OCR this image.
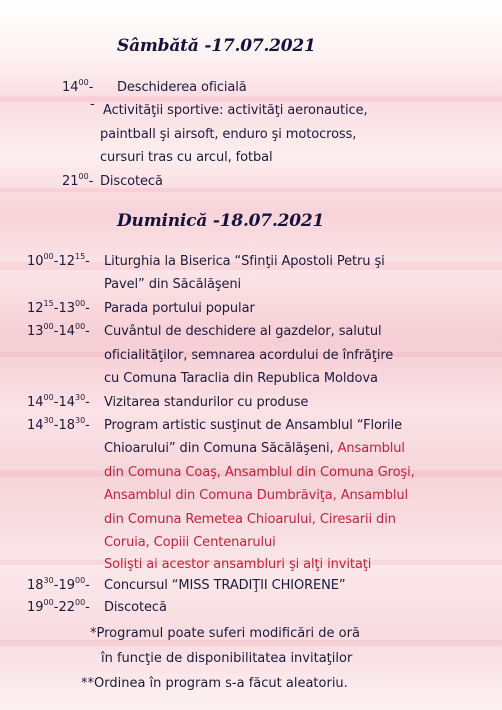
Sâmbătă -17.07.2021
$14^{00}-$ Deschiderea oficială
- Activităţii sportive: activităţi aeronautice,
paintball şi airsoft, enduro şi motocross,
cursuri tras cu arcul, fotbal
$21^{00}-$ Discotecă
Duminică -18.07.2021
$10^{00}-12^{15}-$ Liturghia la Biserica “Sfinţii Apostoli Petru şi
Pavel” din Săcălăşeni
$12^{15}-13^{00}-$ Parada portului popular
$13^{00}-14^{00}-$ Cuvântul de deschidere al gazdelor, salutul
oficialităţilor, semnarea acordului de înfrăţire
cu Comuna Taraclia din Republica Moldova
$14^{00}-14^{30}-$ Vizitarea standurilor cu produse
$14^{30}-18^{30}-$ Program artistic susţinut de Ansamblul “Florile
Chioarului” din Comuna Săcălăşeni, Ansamblul
din Comuna Coaş, Ansamblul din Comuna Groşi,
Ansamblul din Comuna Dumbrăviţa, Ansamblul
din Comuna Remetea Chioarului, Ciresarii din
Coruia, Copiii Centenarului
Solişti ai acestor ansambluri şi alţi invitaţi
$18^{30}-19^{00}-$ Concursul “MISS TRADIŢII CHIORENE”
$19^{00}-22^{00}-$ Discotecă
*Programul poate suferi modificări de oră
în funcţie de disponibilitatea invitaţilor
**Ordinea în program s-a făcut aleatoriu.
